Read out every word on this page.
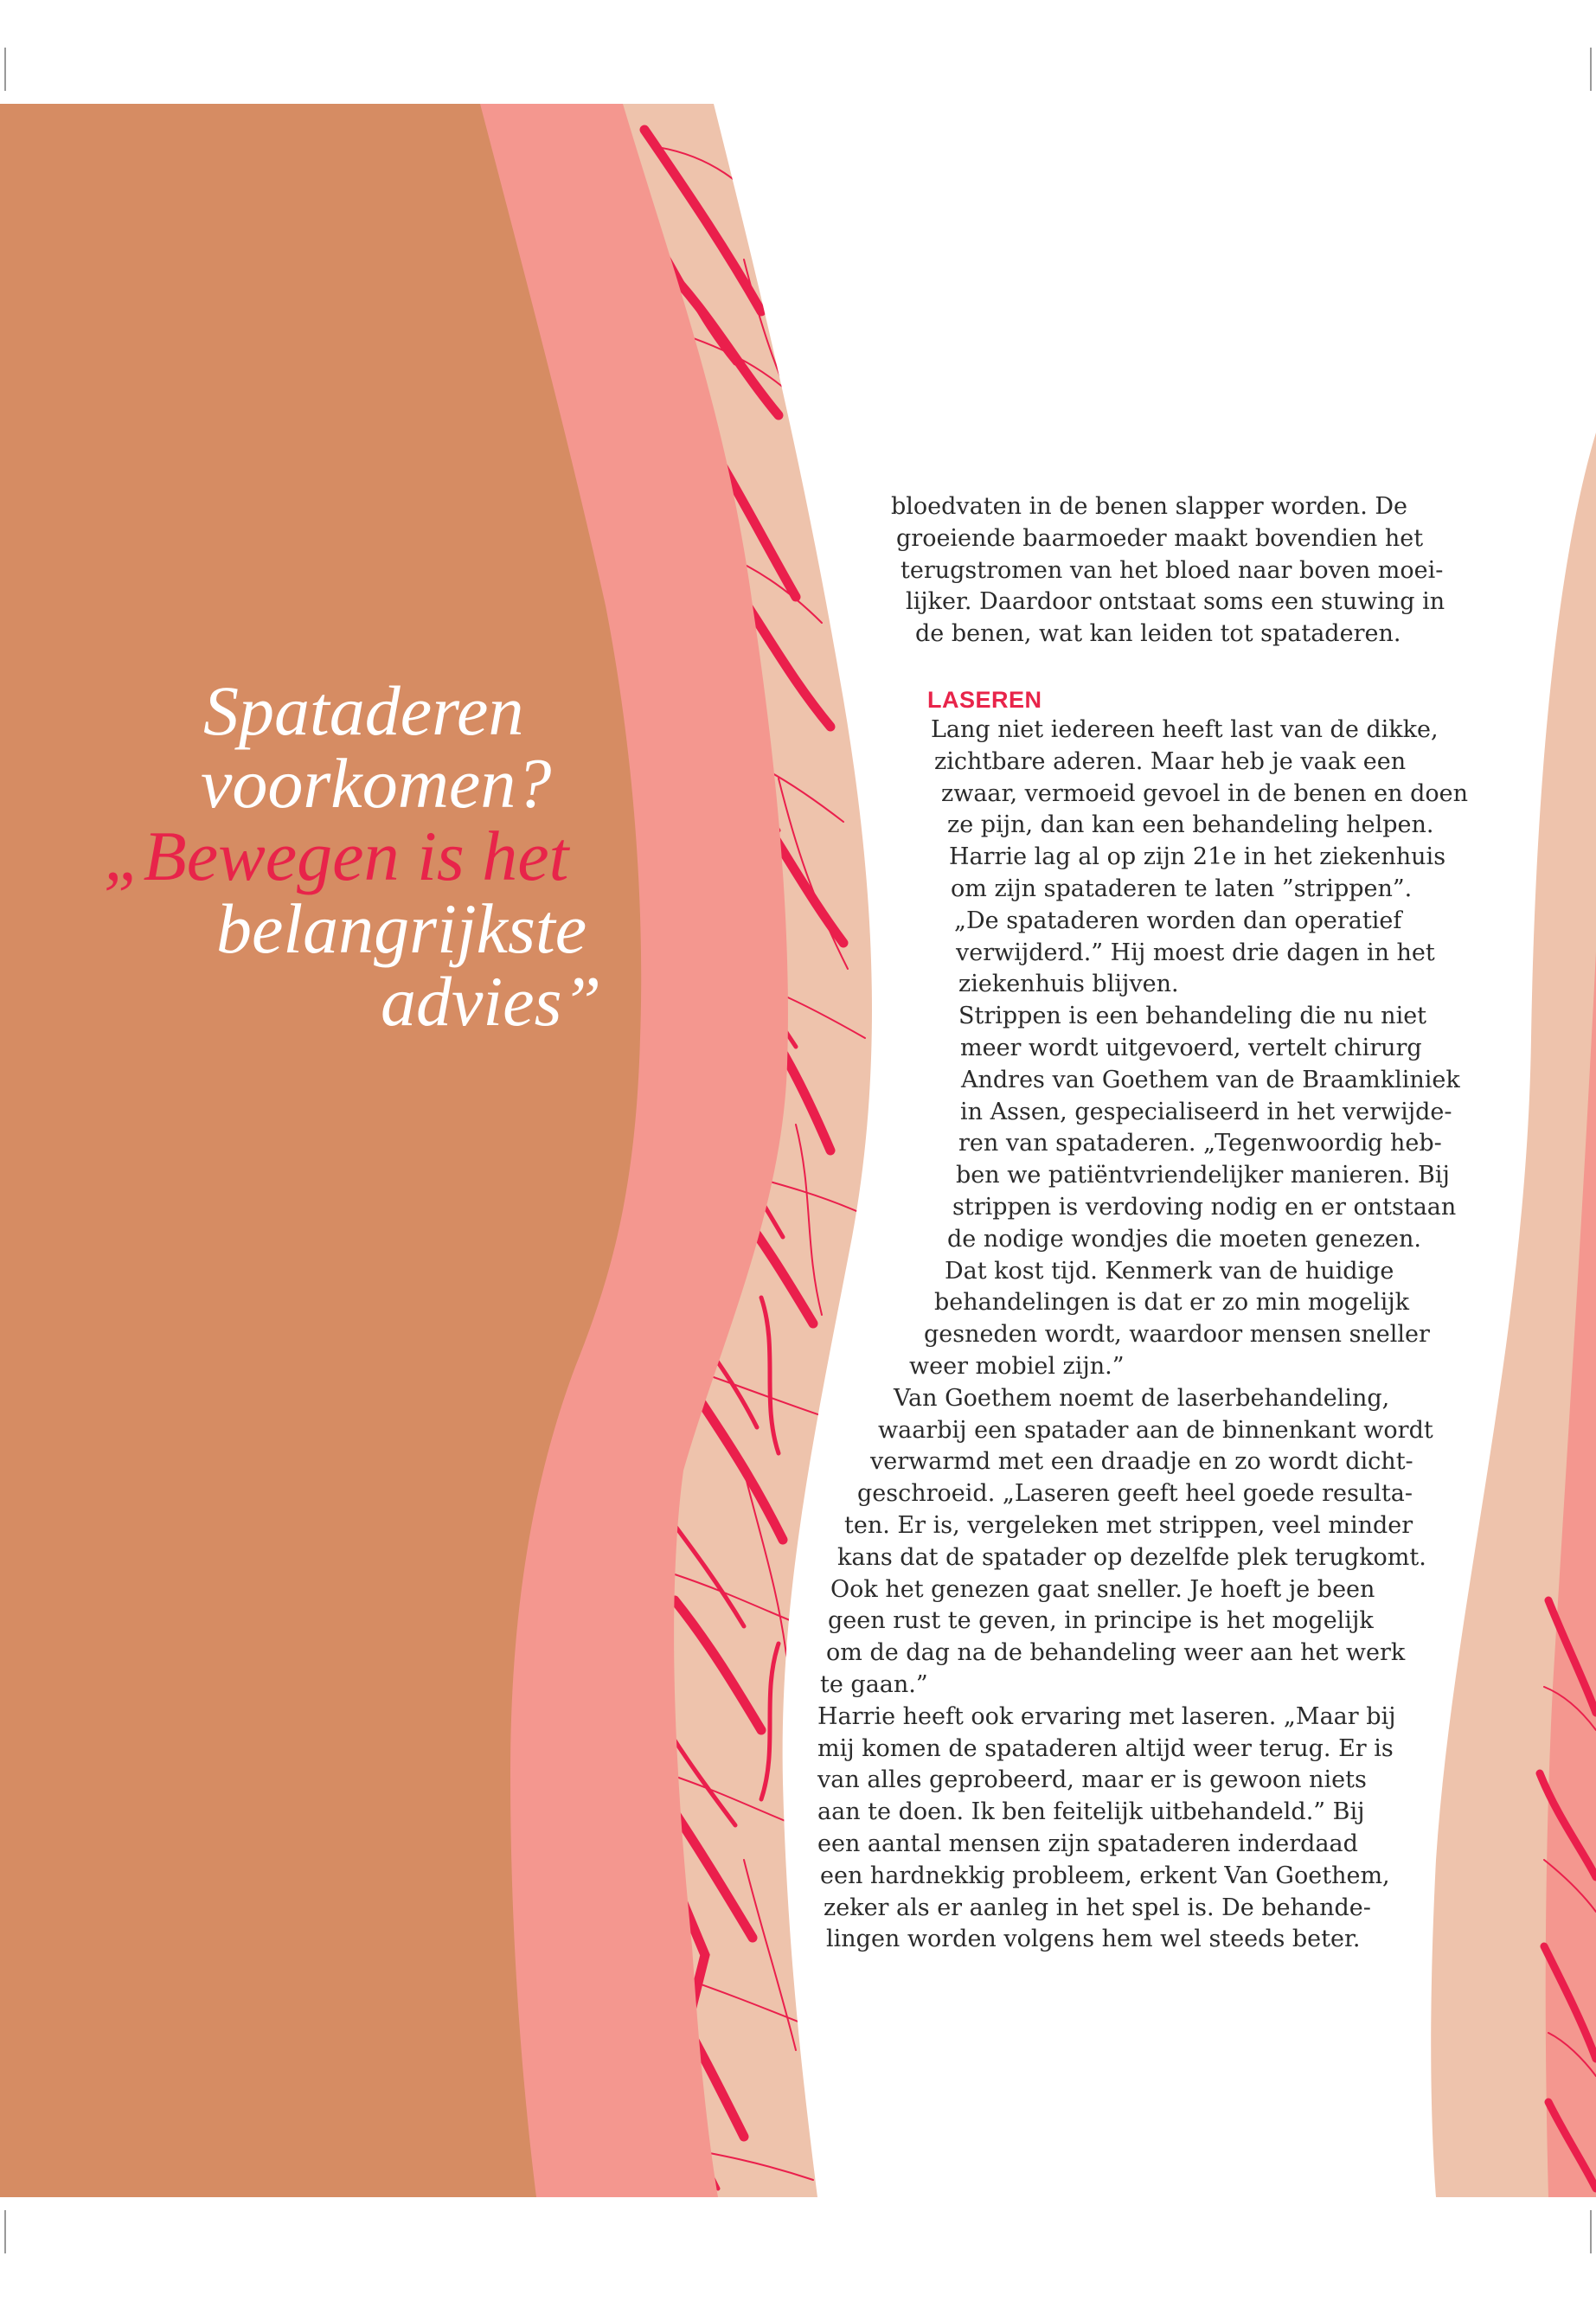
Spataderen
voorkomen?
„Bewegen is het
belangrijkste
advies”
bloedvaten in de benen slapper worden. De
groeiende baarmoeder maakt bovendien het
terugstromen van het bloed naar boven moei-
lijker. Daardoor ontstaat soms een stuwing in
de benen, wat kan leiden tot spataderen.
LASEREN
Lang niet iedereen heeft last van de dikke,
zichtbare aderen. Maar heb je vaak een
zwaar, vermoeid gevoel in de benen en doen
ze pijn, dan kan een behandeling helpen.
Harrie lag al op zijn 21e in het ziekenhuis
om zijn spataderen te laten ”strippen”.
„De spataderen worden dan operatief
verwijderd.” Hij moest drie dagen in het
ziekenhuis blijven.
Strippen is een behandeling die nu niet
meer wordt uitgevoerd, vertelt chirurg
Andres van Goethem van de Braamkliniek
in Assen, gespecialiseerd in het verwijde-
ren van spataderen. „Tegenwoordig heb-
ben we patiëntvriendelijker manieren. Bij
strippen is verdoving nodig en er ontstaan
de nodige wondjes die moeten genezen.
Dat kost tijd. Kenmerk van de huidige
behandelingen is dat er zo min mogelijk
gesneden wordt, waardoor mensen sneller
weer mobiel zijn.”
Van Goethem noemt de laserbehandeling,
waarbij een spatader aan de binnenkant wordt
verwarmd met een draadje en zo wordt dicht-
geschroeid. „Laseren geeft heel goede resulta-
ten. Er is, vergeleken met strippen, veel minder
kans dat de spatader op dezelfde plek terugkomt.
Ook het genezen gaat sneller. Je hoeft je been
geen rust te geven, in principe is het mogelijk
om de dag na de behandeling weer aan het werk
te gaan.”
Harrie heeft ook ervaring met laseren. „Maar bij
mij komen de spataderen altijd weer terug. Er is
van alles geprobeerd, maar er is gewoon niets
aan te doen. Ik ben feitelijk uitbehandeld.” Bij
een aantal mensen zijn spataderen inderdaad
een hardnekkig probleem, erkent Van Goethem,
zeker als er aanleg in het spel is. De behande-
lingen worden volgens hem wel steeds beter.
